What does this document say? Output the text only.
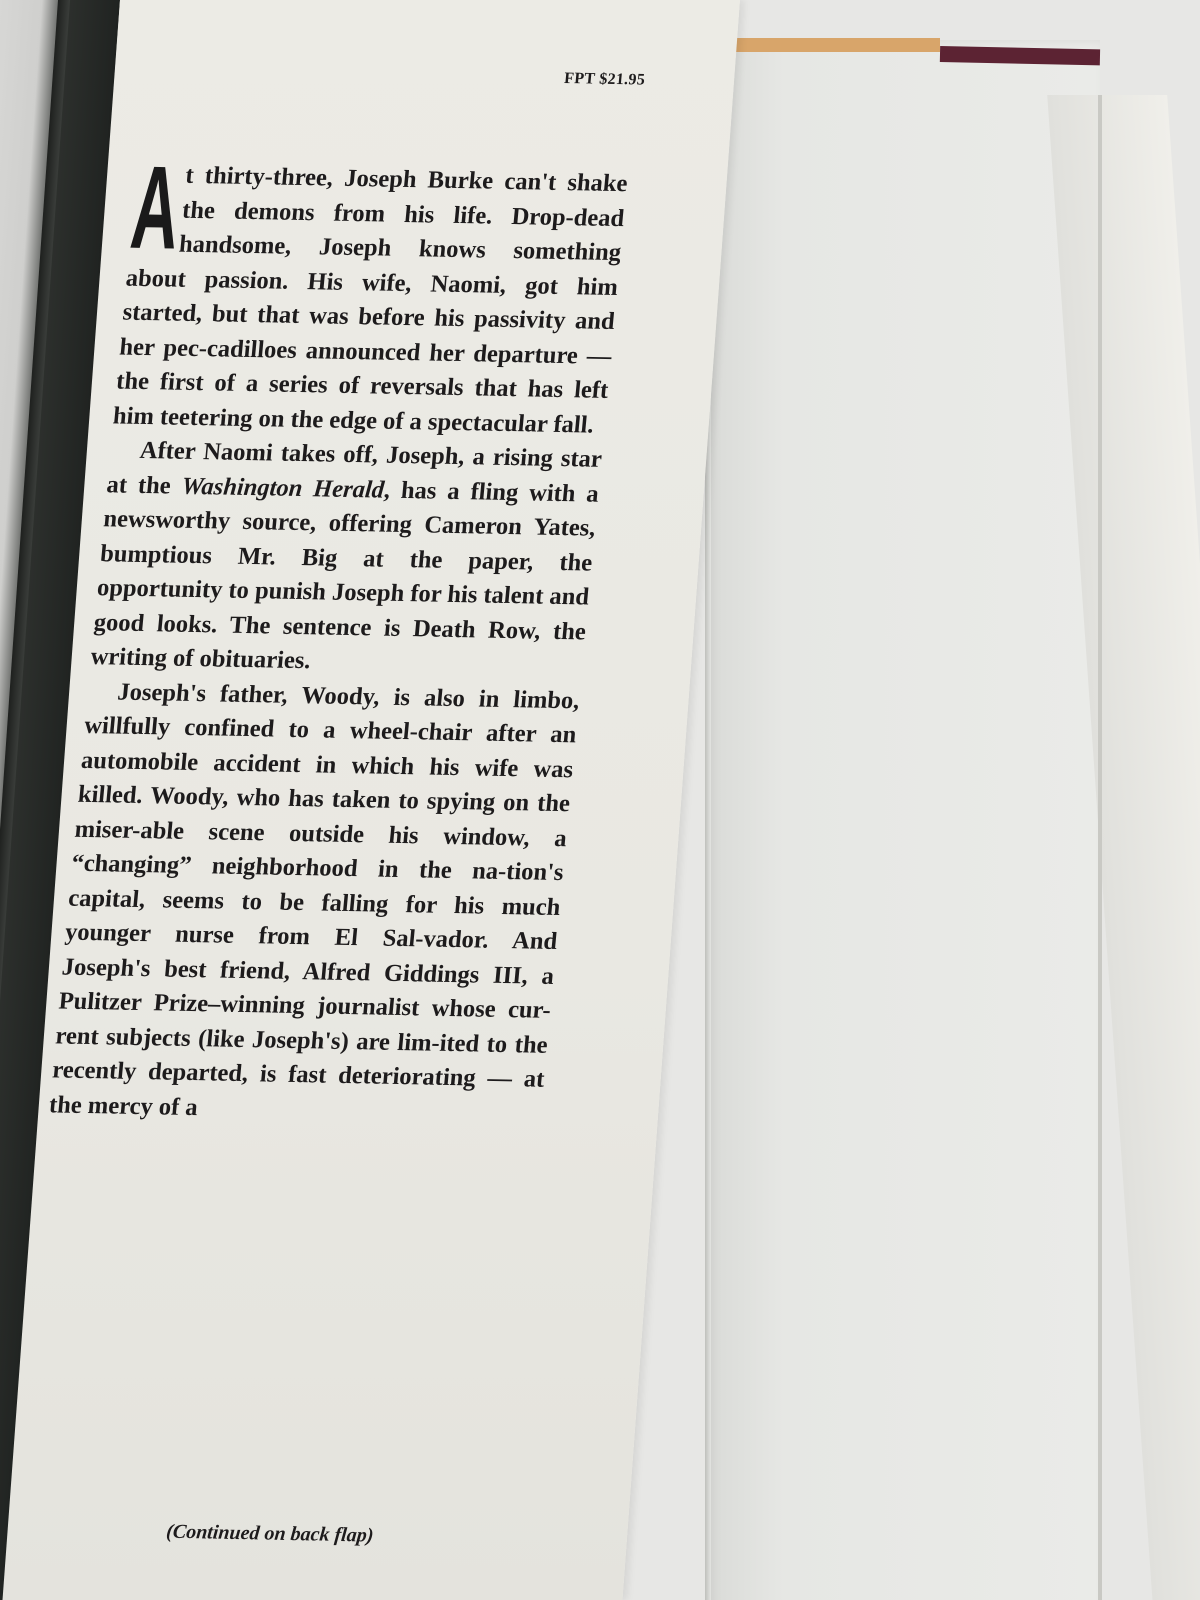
FPT $21.95

A
t thirty-three, Joseph Burke can't shake the demons from his life. Drop-dead handsome, Joseph knows something about passion. His wife, Naomi, got him started, but that was before his passivity and her pec-cadilloes announced her departure — the first of a series of reversals that has left him teetering on the edge of a spectacular fall.

After Naomi takes off, Joseph, a rising star at the Washington Herald, has a fling with a newsworthy source, offering Cameron Yates, bumptious Mr. Big at the paper, the opportunity to punish Joseph for his talent and good looks. The sentence is Death Row, the writing of obituaries.

Joseph's father, Woody, is also in limbo, willfully confined to a wheel-chair after an automobile accident in which his wife was killed. Woody, who has taken to spying on the miser-able scene outside his window, a “changing” neighborhood in the na-tion's capital, seems to be falling for his much younger nurse from El Sal-vador. And Joseph's best friend, Alfred Giddings III, a Pulitzer Prize–winning journalist whose cur-rent subjects (like Joseph's) are lim-ited to the recently departed, is fast deteriorating — at the mercy of a

(Continued on back flap)
